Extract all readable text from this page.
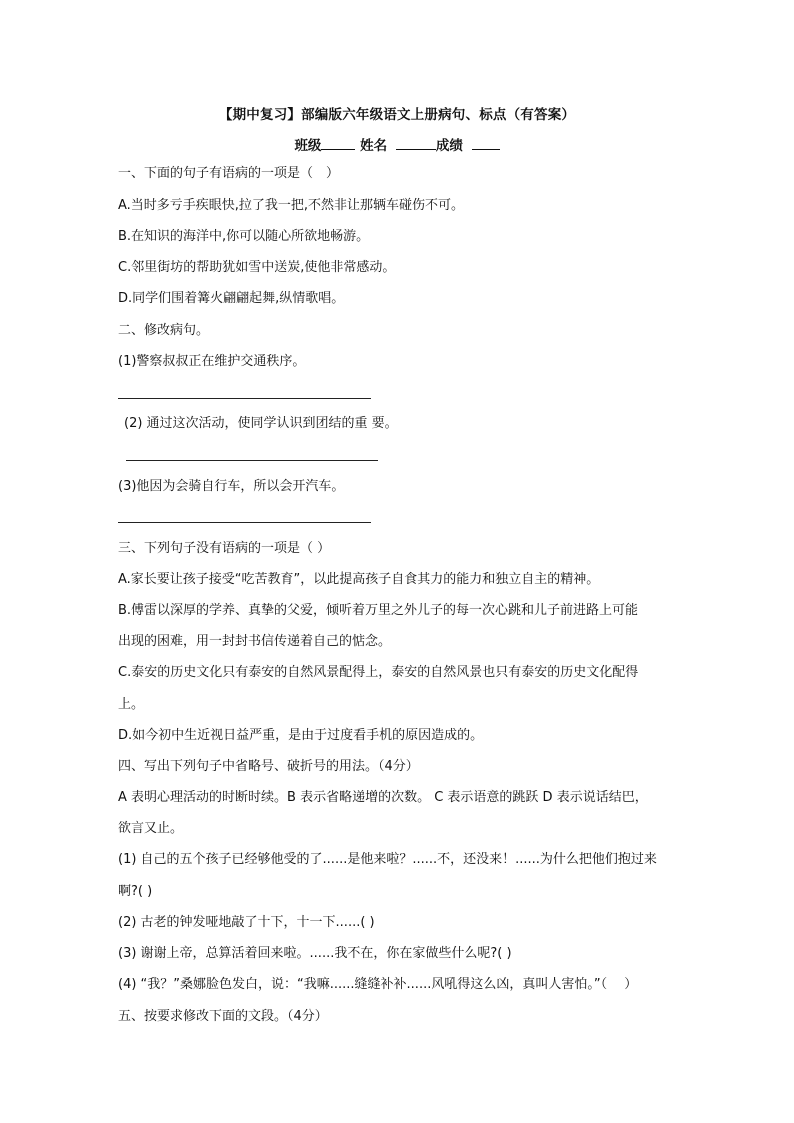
【期中复习】部编版六年级语文上册病句、标点（有答案）
班级	姓名	成绩
一、下面的句子有语病的一项是（　）
A.当时多亏手疾眼快,拉了我一把,不然非让那辆车碰伤不可。
B.在知识的海洋中,你可以随心所欲地畅游。
C.邻里街坊的帮助犹如雪中送炭,使他非常感动。
D.同学们围着篝火翩翩起舞,纵情歌唱。
二、修改病句。
(1)警察叔叔正在维护交通秩序。
(2) 通过这次活动，使同学认识到团结的重 要。
(3)他因为会骑自行车，所以会开汽车。
三、下列句子没有语病的一项是（ ）
A.家长要让孩子接受“吃苦教育”，以此提高孩子自食其力的能力和独立自主的精神。
B.傅雷以深厚的学养、真挚的父爱，倾听着万里之外儿子的每一次心跳和儿子前进路上可能
出现的困难，用一封封书信传递着自己的惦念。
C.泰安的历史文化只有泰安的自然风景配得上，泰安的自然风景也只有泰安的历史文化配得
上。
D.如今初中生近视日益严重，是由于过度看手机的原因造成的。
四、写出下列句子中省略号、破折号的用法。（4分）
A 表明心理活动的时断时续。B 表示省略递增的次数。 C 表示语意的跳跃 D 表示说话结巴，
欲言又止。
(1) 自己的五个孩子已经够他受的了......是他来啦？......不，还没来！......为什么把他们抱过来
啊?( )
(2) 古老的钟发哑地敲了十下，十一下......( )
(3) 谢谢上帝，总算活着回来啦。......我不在，你在家做些什么呢?( )
(4) “我？”桑娜脸色发白，说：“我嘛......缝缝补补......风吼得这么凶，真叫人害怕。”（　 ）
五、按要求修改下面的文段。（4分）
